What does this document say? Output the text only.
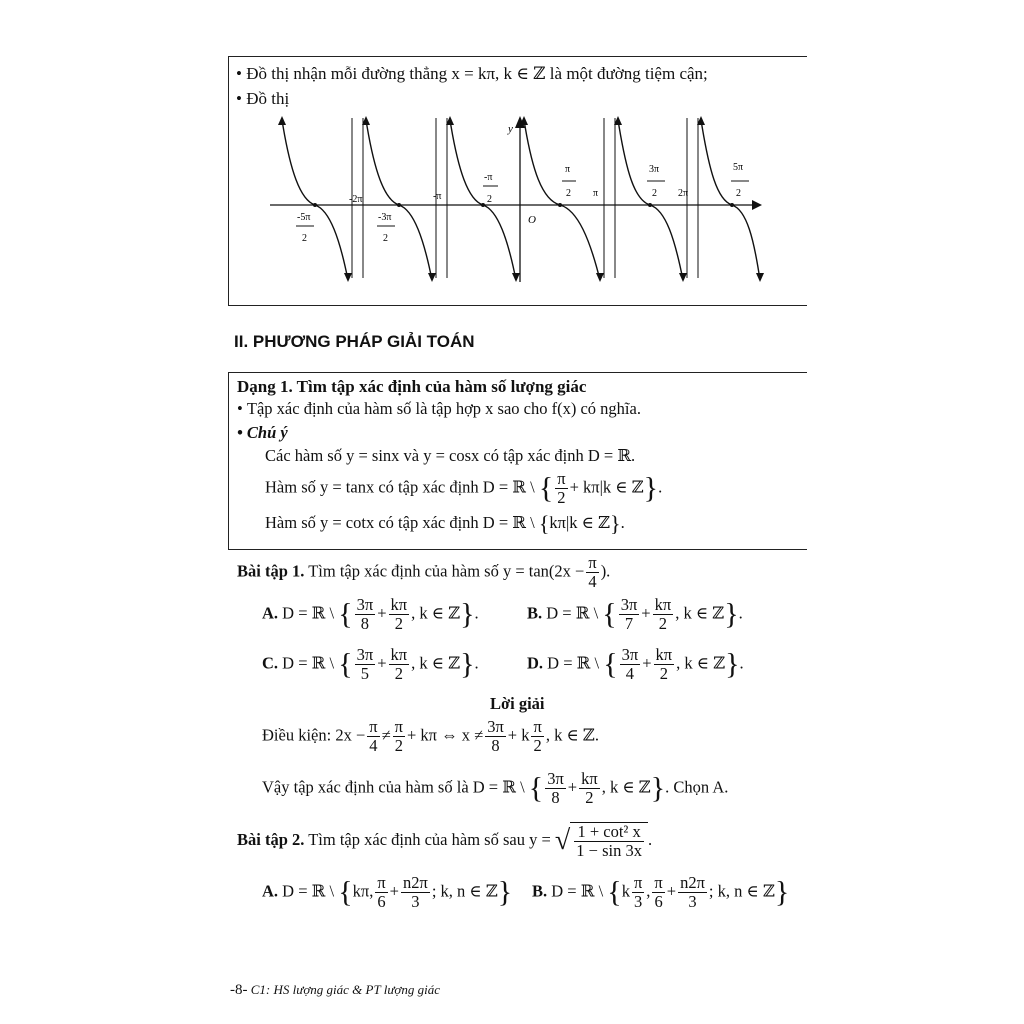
• Đồ thị nhận mỗi đường thẳng x = kπ, k ∈ ℤ là một đường tiệm cận;
• Đồ thị
y
O
-5π
2
-2π
-3π
2
-π
-π
2
π
2 π
3π
2 2π
5π
2
II. PHƯƠNG PHÁP GIẢI TOÁN
Dạng 1. Tìm tập xác định của hàm số lượng giác
• Tập xác định của hàm số là tập hợp x sao cho f(x) có nghĩa.
• Chú ý
Các hàm số y = sinx và y = cosx có tập xác định D = ℝ.
Hàm số y = tanx có tập xác định D = ℝ \ { $\frac{\pi}{2} + k\pi|k$ ∈ ℤ}.
Hàm số y = cotx có tập xác định D = ℝ \ {kπ|k ∈ ℤ}.
Bài tập 1. Tìm tập xác định của hàm số $y = \tan(2x - \frac{\pi}{4}$ ).
A. D = ℝ \ { $\frac{3\pi}{8} + \frac{k\pi}{2}$ , k ∈ ℤ}.	B. D = ℝ \ { $\frac{3\pi}{7} + \frac{k\pi}{2}$ , k ∈ ℤ}.
C. D = ℝ \ { $\frac{3\pi}{5} + \frac{k\pi}{2}$ , k ∈ ℤ}.	D. D = ℝ \ { $\frac{3\pi}{4} + \frac{k\pi}{2}$ , k ∈ ℤ}.
Lời giải
Điều kiện: $2x - \frac{\pi}{4} \ne \frac{\pi}{2} + k\pi$ ⇔ $x \ne \frac{3\pi}{8} + k \frac{\pi}{2}$ , k ∈ ℤ.
Vậy tập xác định của hàm số là D = ℝ \ { $\frac{3\pi}{8} + \frac{k\pi}{2}$ , k ∈ ℤ}. Chọn A.
Bài tập 2. Tìm tập xác định của hàm số sau y = √ $\frac{\text{1 + cot² x}}{1 - \sin 3x}$ .
A. D = ℝ \ {kπ, $\frac{\pi}{6} + \frac{n2\pi}{3}$ ; k, n ∈ ℤ} B. D = ℝ \ {$k \frac{\pi}{3}$ , $\frac{\pi}{6} + \frac{n2\pi}{3}$ ; k, n ∈ ℤ}
-8- C1: HS lượng giác & PT lượng giác
